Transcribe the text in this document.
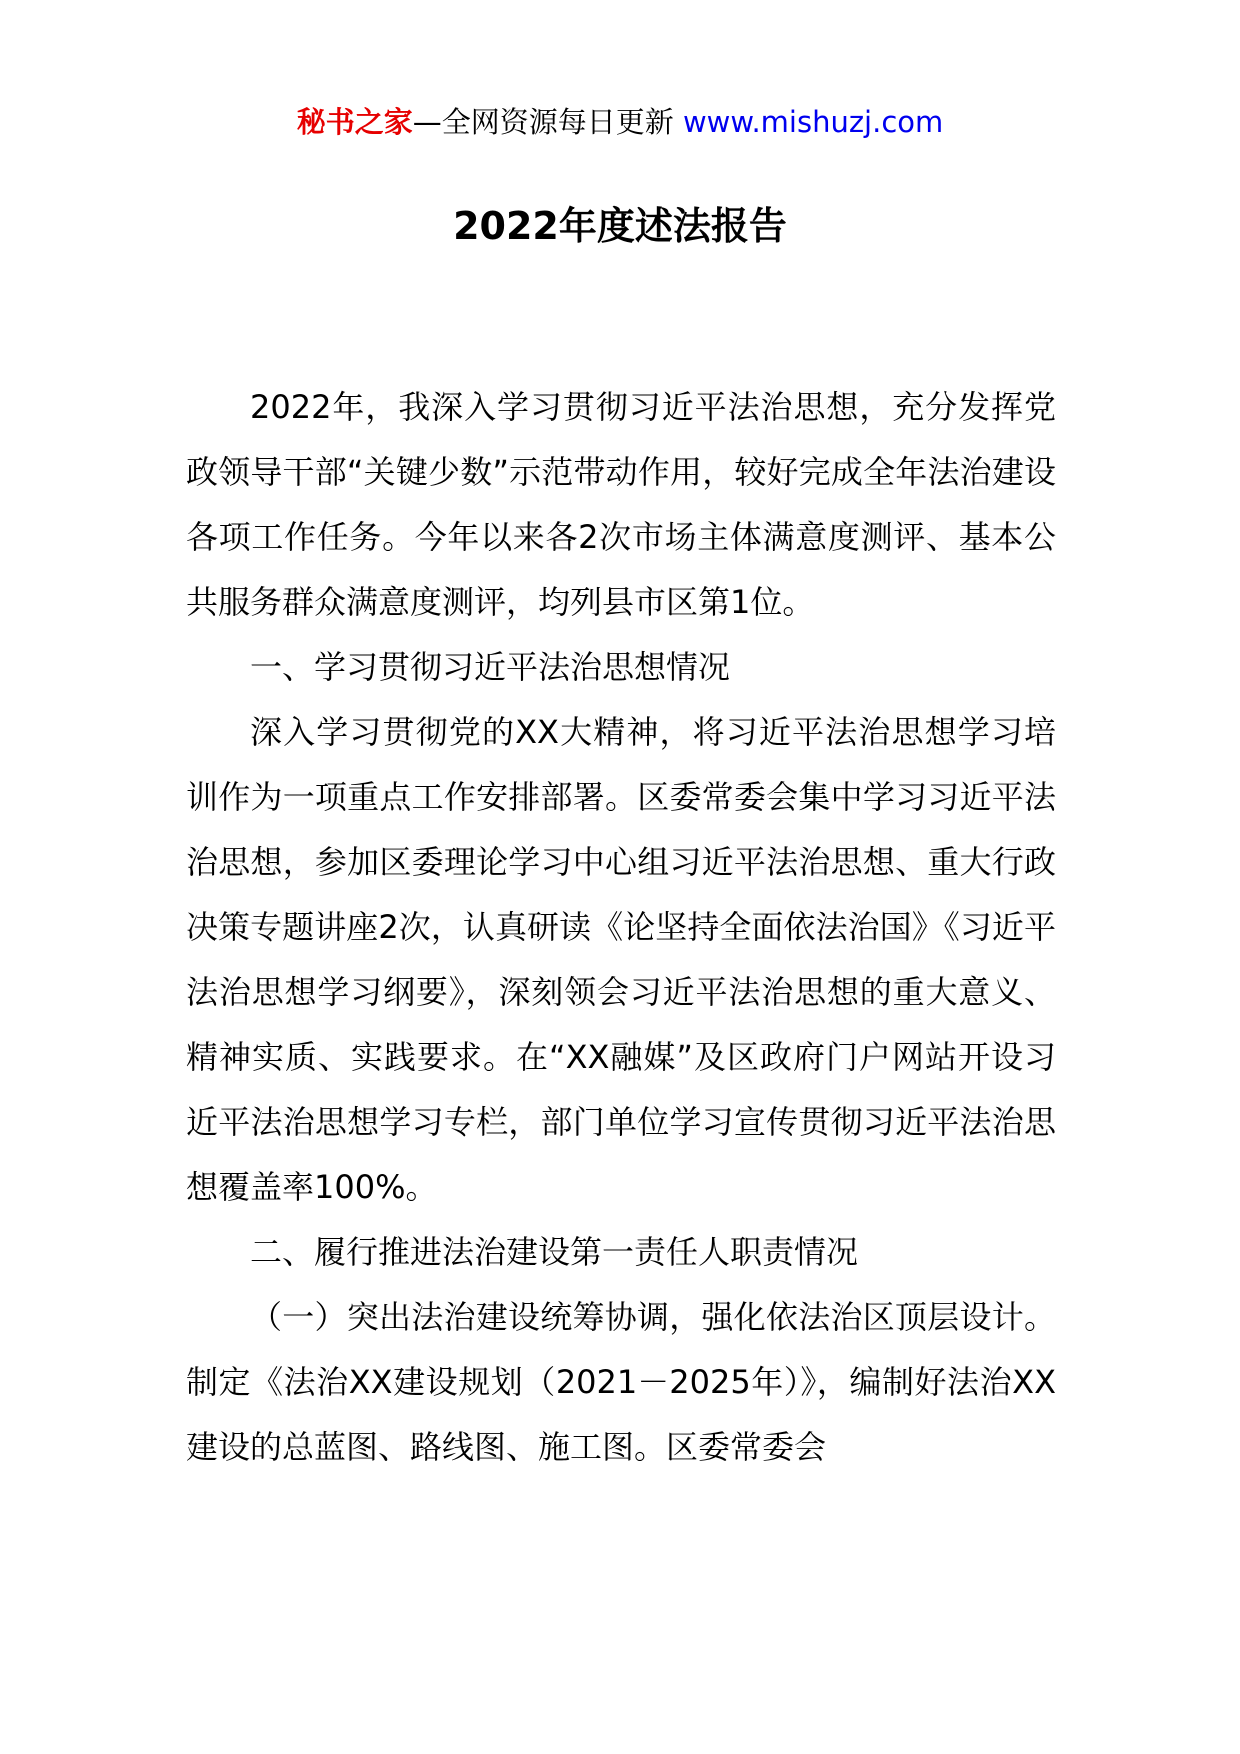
秘书之家—全网资源每日更新 www.mishuzj.com
2022年度述法报告

2022年，我深入学习贯彻习近平法治思想，充分发挥党政领导干部“关键少数”示范带动作用，较好完成全年法治建设各项工作任务。今年以来各2次市场主体满意度测评、基本公共服务群众满意度测评，均列县市区第1位。

一、学习贯彻习近平法治思想情况

深入学习贯彻党的XX大精神，将习近平法治思想学习培训作为一项重点工作安排部署。区委常委会集中学习习近平法治思想，参加区委理论学习中心组习近平法治思想、重大行政决策专题讲座2次，认真研读《论坚持全面依法治国》《习近平法治思想学习纲要》，深刻领会习近平法治思想的重大意义、精神实质、实践要求。在“XX融媒”及区政府门户网站开设习近平法治思想学习专栏，部门单位学习宣传贯彻习近平法治思想覆盖率100%。

二、履行推进法治建设第一责任人职责情况

（一）突出法治建设统筹协调，强化依法治区顶层设计。制定《法治XX建设规划（2021－2025年）》，编制好法治XX建设的总蓝图、路线图、施工图。区委常委会
